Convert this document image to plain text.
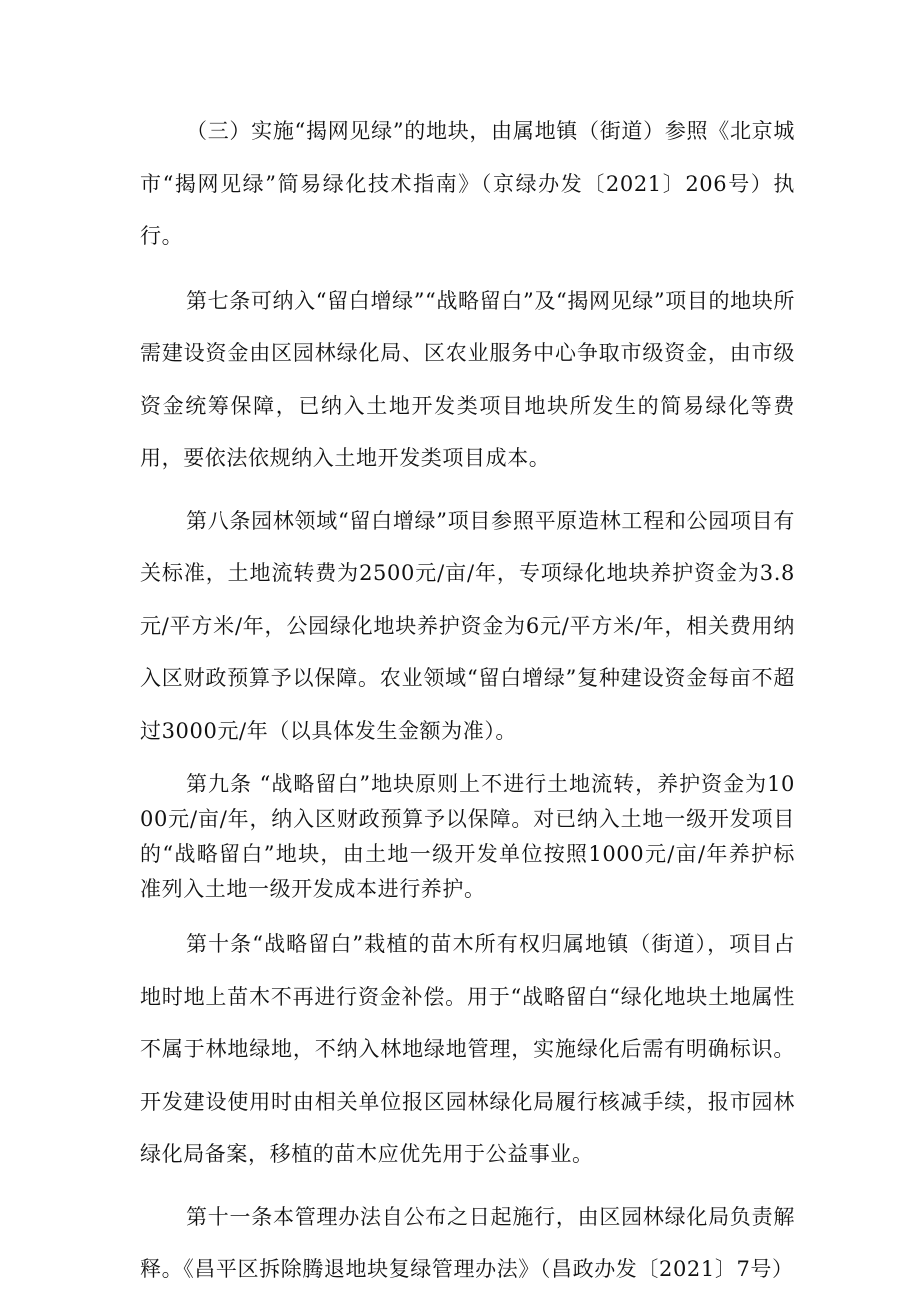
（三）实施“揭网见绿”的地块，由属地镇（街道）参照《北京城市“揭网见绿”简易绿化技术指南》（京绿办发〔2021〕206号）执行。

第七条可纳入“留白增绿”“战略留白”及“揭网见绿”项目的地块所需建设资金由区园林绿化局、区农业服务中心争取市级资金，由市级资金统筹保障，已纳入土地开发类项目地块所发生的简易绿化等费用，要依法依规纳入土地开发类项目成本。

第八条园林领域“留白增绿”项目参照平原造林工程和公园项目有关标准，土地流转费为2500元/亩/年，专项绿化地块养护资金为3.8元/平方米/年，公园绿化地块养护资金为6元/平方米/年，相关费用纳入区财政预算予以保障。农业领域“留白增绿”复种建设资金每亩不超过3000元/年（以具体发生金额为准）。

第九条 “战略留白”地块原则上不进行土地流转，养护资金为1000元/亩/年，纳入区财政预算予以保障。对已纳入土地一级开发项目的“战略留白”地块，由土地一级开发单位按照1000元/亩/年养护标准列入土地一级开发成本进行养护。

第十条“战略留白”栽植的苗木所有权归属地镇（街道），项目占地时地上苗木不再进行资金补偿。用于“战略留白“绿化地块土地属性不属于林地绿地，不纳入林地绿地管理，实施绿化后需有明确标识。开发建设使用时由相关单位报区园林绿化局履行核减手续，报市园林绿化局备案，移植的苗木应优先用于公益事业。

第十一条本管理办法自公布之日起施行，由区园林绿化局负责解释。《昌平区拆除腾退地块复绿管理办法》（昌政办发〔2021〕7号）
